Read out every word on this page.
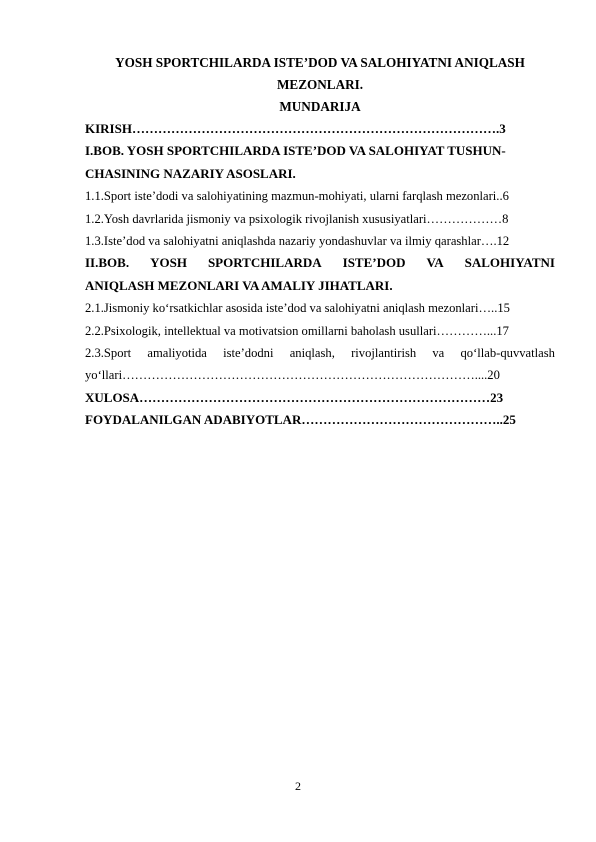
YOSH SPORTCHILARDA ISTE’DOD VA SALOHIYATNI ANIQLASH
MEZONLARI.
MUNDARIJA
KIRISH………………………………………………………………………….3
I.BOB. YOSH SPORTCHILARDA ISTE’DOD VA SALOHIYAT TUSHUN-
CHASINING NAZARIY ASOSLARI.
1.1.Sport iste’dodi va salohiyatining mazmun-mohiyati, ularni farqlash mezonlari..6
1.2.Yosh davrlarida jismoniy va psixologik rivojlanish xususiyatlari………………8
1.3.Iste’dod va salohiyatni aniqlashda nazariy yondashuvlar va ilmiy qarashlar….12
II.BOB. YOSH SPORTCHILARDA ISTE’DOD VA SALOHIYATNI
ANIQLASH MEZONLARI VA AMALIY JIHATLARI.
2.1.Jismoniy ko‘rsatkichlar asosida iste’dod va salohiyatni aniqlash mezonlari…..15
2.2.Psixologik, intellektual va motivatsion omillarni baholash usullari…………...17
2.3.Sport amaliyotida iste’dodni aniqlash, rivojlantirish va qo‘llab-quvvatlash
yo‘llari…………………………………………………………………………....20
XULOSA………………………………………………………………………23
FOYDALANILGAN ADABIYOTLAR………………………………………..25
2
